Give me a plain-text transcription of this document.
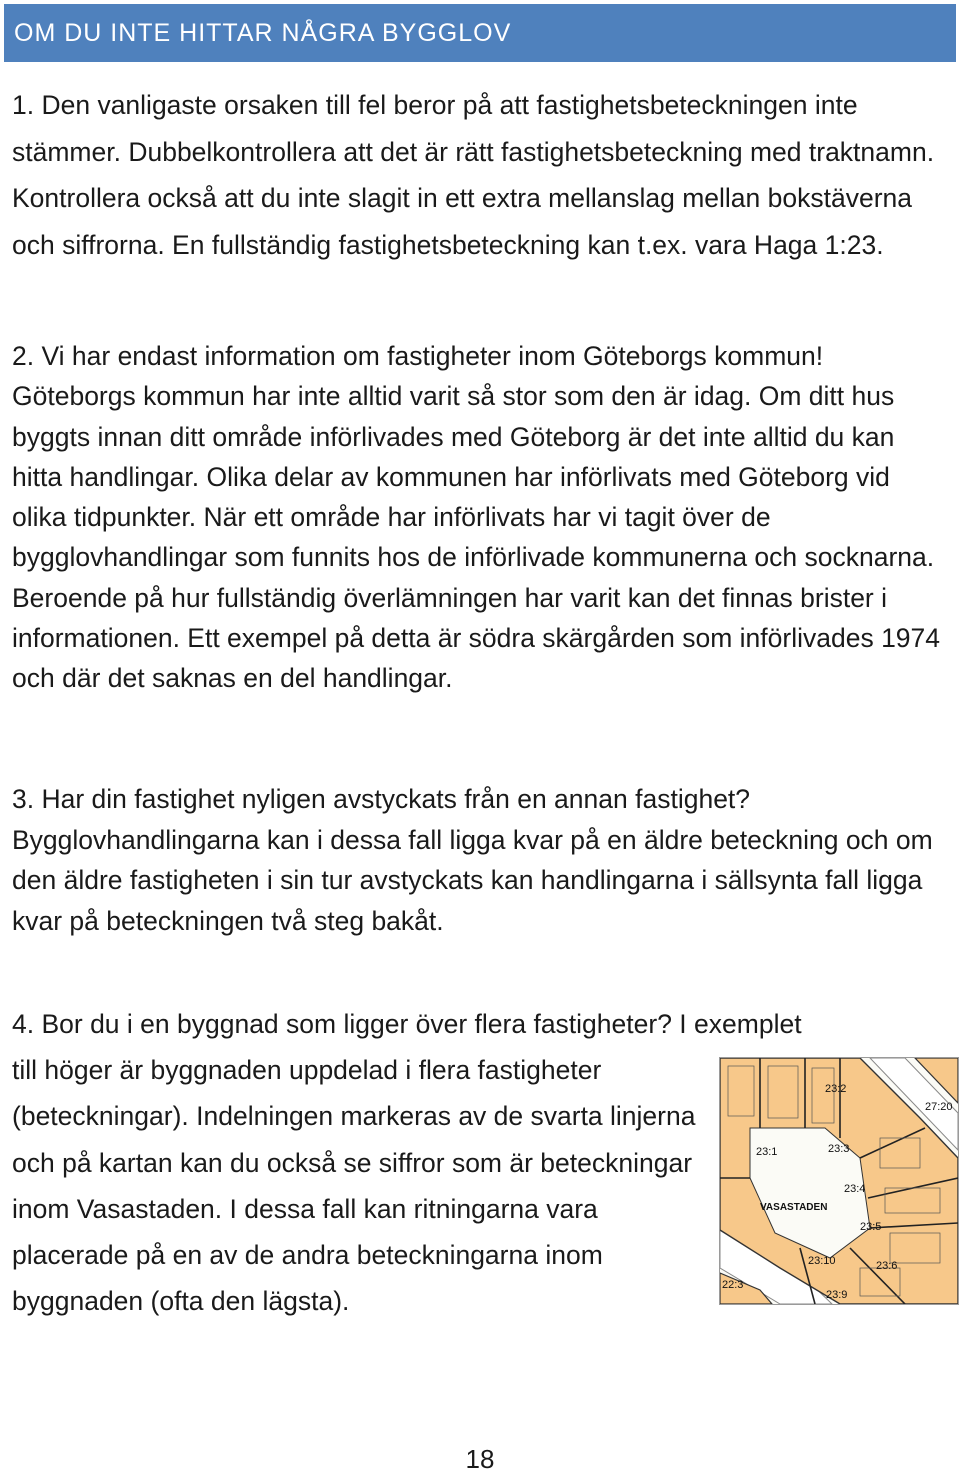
OM DU INTE HITTAR NÅGRA BYGGLOV

1. Den vanligaste orsaken till fel beror på att fastighetsbeteckningen inte stämmer. Dubbelkontrollera att det är rätt fastighetsbeteckning med traktnamn. Kontrollera också att du inte slagit in ett extra mellanslag mellan bokstäverna och siffrorna. En fullständig fastighetsbeteckning kan t.ex. vara Haga 1:23.

2. Vi har endast information om fastigheter inom Göteborgs kommun! Göteborgs kommun har inte alltid varit så stor som den är idag. Om ditt hus byggts innan ditt område införlivades med Göteborg är det inte alltid du kan hitta handlingar. Olika delar av kommunen har införlivats med Göteborg vid olika tidpunkter. När ett område har införlivats har vi tagit över de bygglovhandlingar som funnits hos de införlivade kommunerna och socknarna. Beroende på hur fullständig överlämningen har varit kan det finnas brister i informationen. Ett exempel på detta är södra skärgården som införlivades 1974 och där det saknas en del handlingar.

3. Har din fastighet nyligen avstyckats från en annan fastighet? Bygglovhandlingarna kan i dessa fall ligga kvar på en äldre beteckning och om den äldre fastigheten i sin tur avstyckats kan handlingarna i sällsynta fall ligga kvar på beteckningen två steg bakåt.

4. Bor du i en byggnad som ligger över flera fastigheter? I exemplet

till höger är byggnaden uppdelad i flera fastigheter (beteckningar). Indelningen markeras av de svarta linjerna och på kartan kan du också se siffror som är beteckningar inom Vasastaden. I dessa fall kan ritningarna vara placerade på en av de andra beteckningarna inom byggnaden (ofta den lägsta).

23:2
27:20
23:1	23:3
23:4
23:5
23:10	23:6
22:3
23:9
VASASTADEN
18
